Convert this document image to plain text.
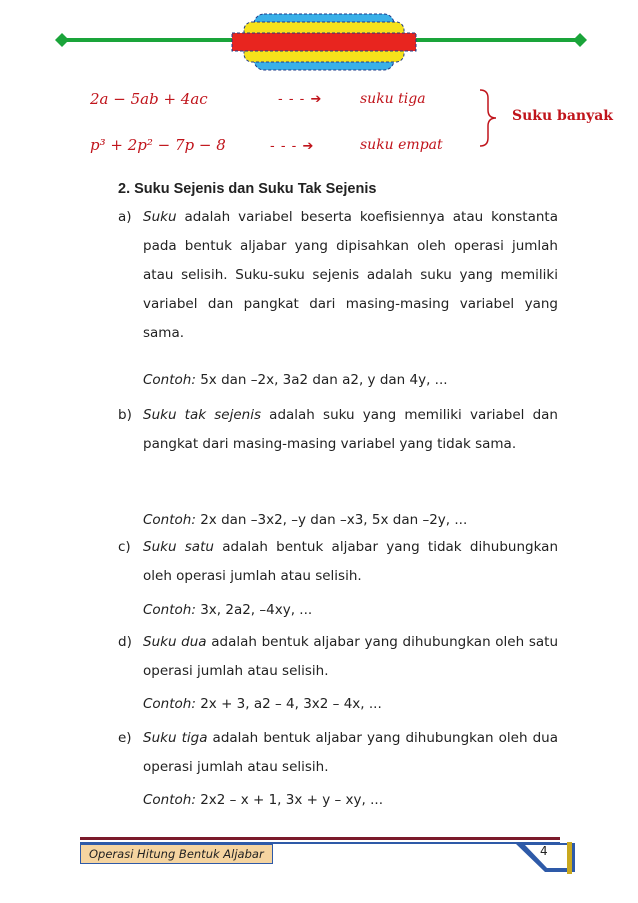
2𝑎 − 5𝑎𝑏 + 4𝑎𝑐	- - - ➔	suku tiga
𝑝³ + 2𝑝² − 7𝑝 − 8	- - - ➔	suku empat
Suku banyak
2. Suku Sejenis dan Suku Tak Sejenis
a) Suku adalah variabel beserta koefisiennya atau konstanta pada bentuk aljabar yang dipisahkan oleh operasi jumlah atau selisih. Suku-suku sejenis adalah suku yang memiliki variabel dan pangkat dari masing-masing variabel yang sama.
Contoh: 5x dan –2x, 3a2 dan a2, y dan 4y, ...
b) Suku tak sejenis adalah suku yang memiliki variabel dan pangkat dari masing-masing variabel yang tidak sama.
Contoh: 2x dan –3x2, –y dan –x3, 5x dan –2y, ...
c) Suku satu adalah bentuk aljabar yang tidak dihubungkan oleh operasi jumlah atau selisih.
Contoh: 3x, 2a2, –4xy, ...
d) Suku dua adalah bentuk aljabar yang dihubungkan oleh satu operasi jumlah atau selisih.
Contoh: 2x + 3, a2 – 4, 3x2 – 4x, ...
e) Suku tiga adalah bentuk aljabar yang dihubungkan oleh dua operasi jumlah atau selisih.
Contoh: 2x2 – x + 1, 3x + y – xy, ...
Operasi Hitung Bentuk Aljabar	4
